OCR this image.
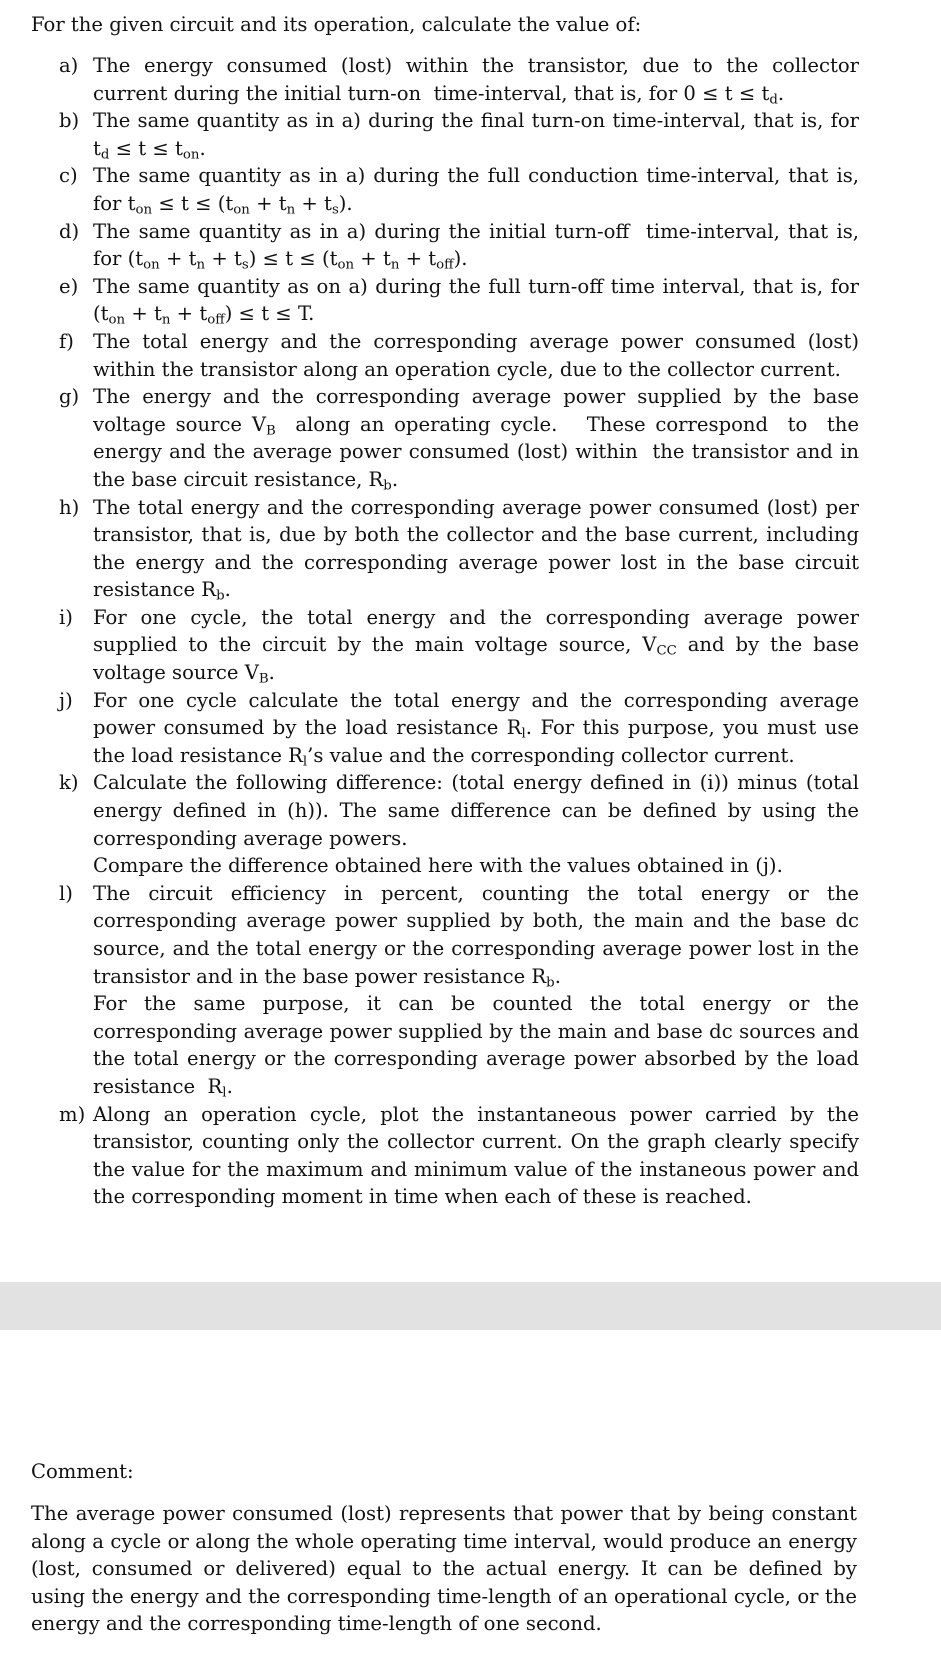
For the given circuit and its operation, calculate the value of:
a) The energy consumed (lost) within the transistor, due to the collector current during the initial turn-on  time-interval, that is, for $0 \le t \le t_d$.
b) The same quantity as in a) during the final turn-on time-interval, that is, for $t_d \le t \le t_{on}$.
c) The same quantity as in a) during the full conduction time-interval, that is, for $t_{on} \le t \le (t_{on} + t_n + t_s)$.
d) The same quantity as in a) during the initial turn-off  time-interval, that is, for $(t_{on} + t_n + t_s) \le t \le (t_{on} + t_n + t_{off})$.
e) The same quantity as on a) during the full turn-off time interval, that is, for $(t_{on} + t_n + t_{off}) \le t \le T$.
f) The total energy and the corresponding average power consumed (lost) within the transistor along an operation cycle, due to the collector current.
g) The energy and the corresponding average power supplied by the base voltage source $V_B$  along an operating cycle.   These correspond  to  the energy and the average power consumed (lost) within  the transistor and in the base circuit resistance, $R_b$.
h) The total energy and the corresponding average power consumed (lost) per transistor, that is, due by both the collector and the base current, including the energy and the corresponding average power lost in the base circuit resistance $R_b$.
i) For one cycle, the total energy and the corresponding average power supplied to the circuit by the main voltage source, $V_{CC}$ and by the base voltage source $V_B$.
j) For one cycle calculate the total energy and the corresponding average power consumed by the load resistance $R_l$. For this purpose, you must use the load resistance $R_l’s$ value and the corresponding collector current.
k) Calculate the following difference: (total energy defined in (i)) minus (total energy defined in (h)). The same difference can be defined by using the corresponding average powers.
Compare the difference obtained here with the values obtained in (j).
l) The circuit efficiency in percent, counting the total energy or the corresponding average power supplied by both, the main and the base dc source, and the total energy or the corresponding average power lost in the transistor and in the base power resistance $R_b$.
For the same purpose, it can be counted the total energy or the corresponding average power supplied by the main and base dc sources and the total energy or the corresponding average power absorbed by the load resistance  $R_l$.
m) Along an operation cycle, plot the instantaneous power carried by the transistor, counting only the collector current. On the graph clearly specify the value for the maximum and minimum value of the instaneous power and the corresponding moment in time when each of these is reached.
Comment:
The average power consumed (lost) represents that power that by being constant along a cycle or along the whole operating time interval, would produce an energy (lost, consumed or delivered) equal to the actual energy. It can be defined by using the energy and the corresponding time-length of an operational cycle, or the energy and the corresponding time-length of one second.
